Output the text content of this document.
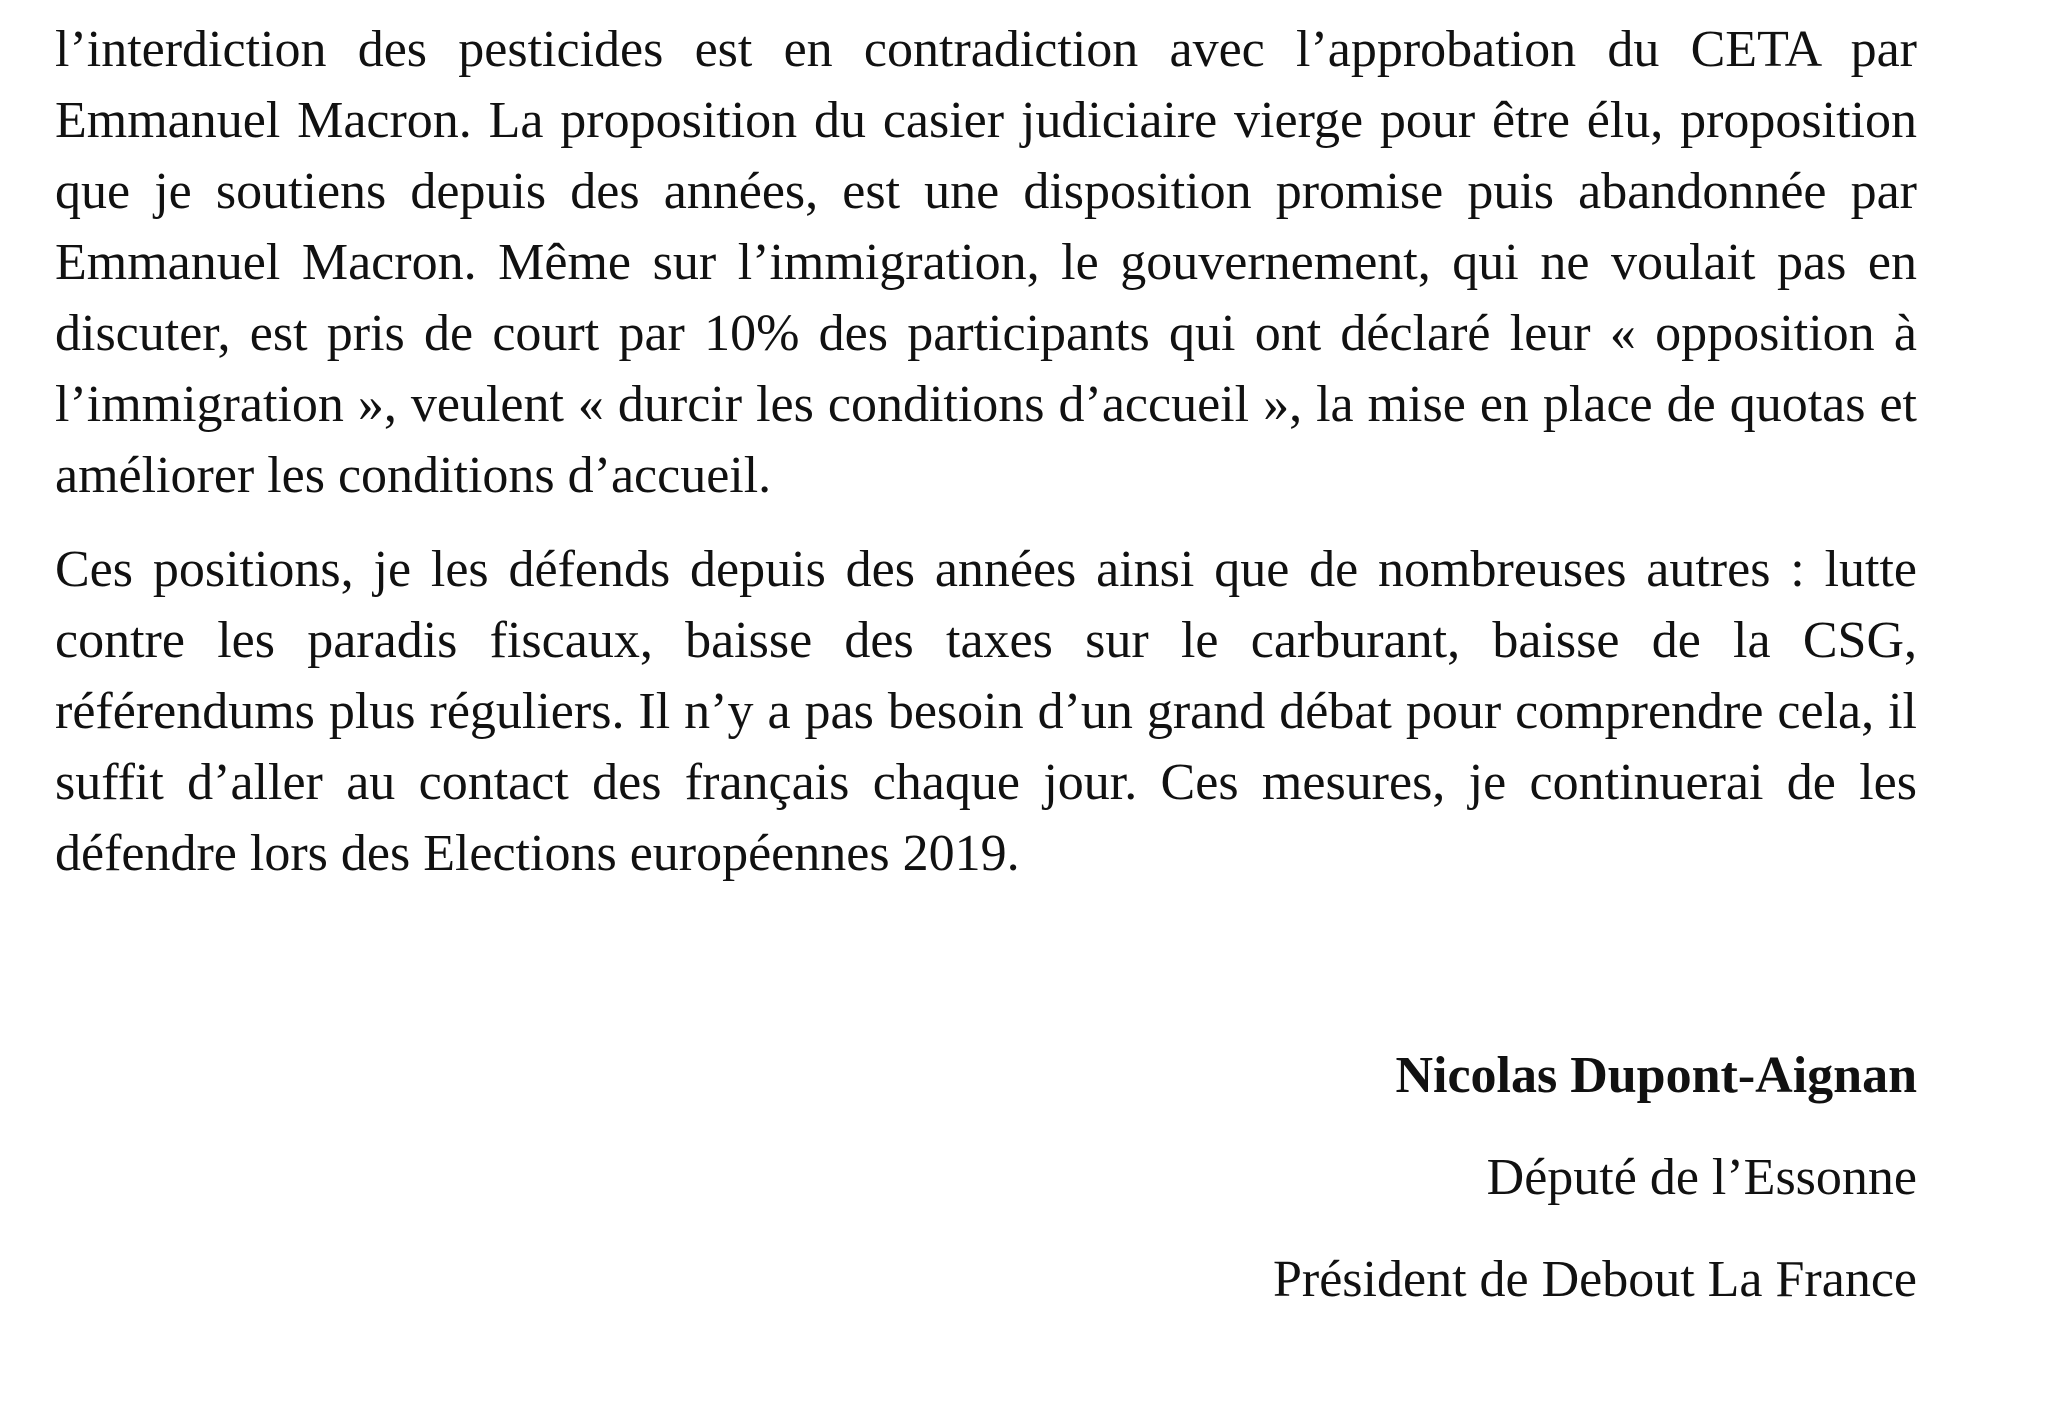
l’interdiction des pesticides est en contradiction avec l’approbation du CETA par Emmanuel Macron. La proposition du casier judiciaire vierge pour être élu, proposition que je soutiens depuis des années, est une disposition promise puis abandonnée par Emmanuel Macron. Même sur l’immigration, le gouvernement, qui ne voulait pas en discuter, est pris de court par 10% des participants qui ont déclaré leur « opposition à l’immigration », veulent « durcir les conditions d’accueil », la mise en place de quotas et améliorer les conditions d’accueil.

Ces positions, je les défends depuis des années ainsi que de nombreuses autres : lutte contre les paradis fiscaux, baisse des taxes sur le carburant, baisse de la CSG, référendums plus réguliers. Il n’y a pas besoin d’un grand débat pour comprendre cela, il suffit d’aller au contact des français chaque jour. Ces mesures, je continuerai de les défendre lors des Elections européennes 2019.

Nicolas Dupont-Aignan
Député de l’Essonne
Président de Debout La France
